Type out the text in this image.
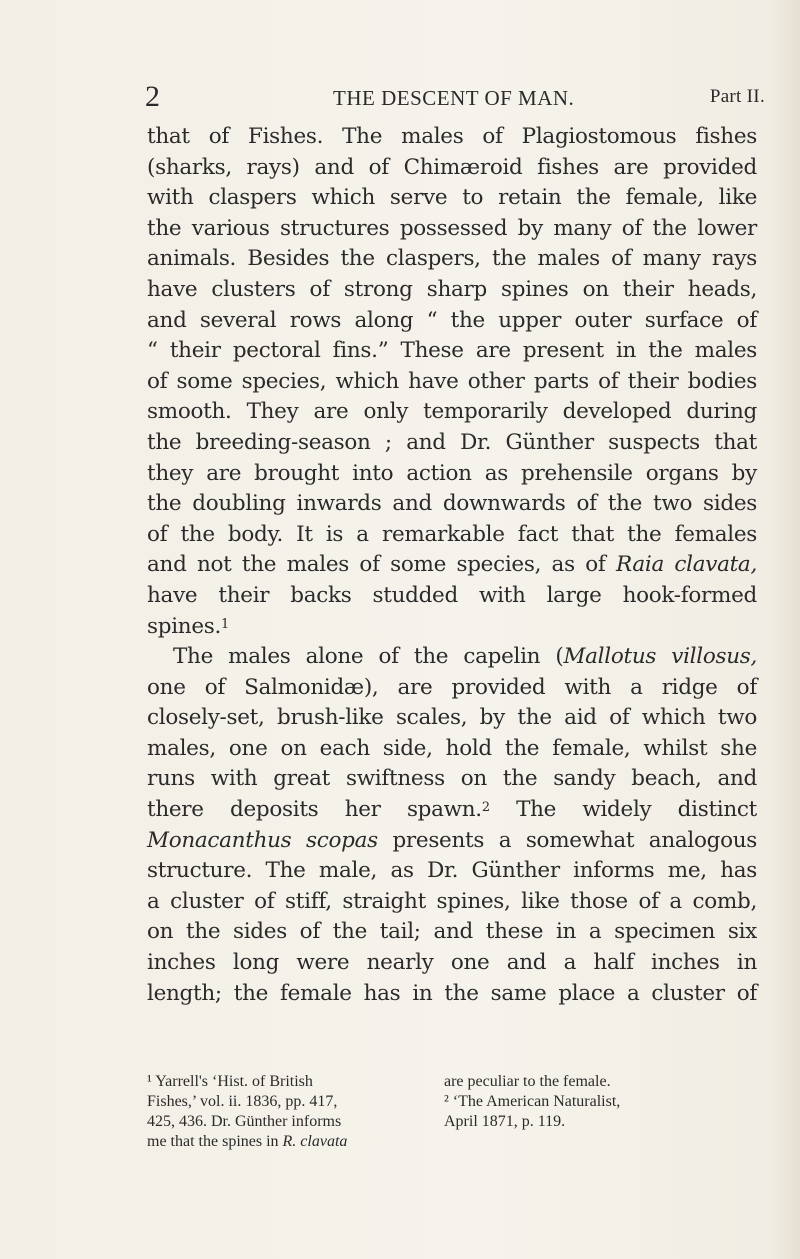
2	THE DESCENT OF MAN.	Part II.
that of Fishes. The males of Plagiostomous fishes
(sharks, rays) and of Chimæroid fishes are provided
with claspers which serve to retain the female, like
the various structures possessed by many of the lower
animals. Besides the claspers, the males of many rays
have clusters of strong sharp spines on their heads,
and several rows along “ the upper outer surface of
“ their pectoral fins.” These are present in the males
of some species, which have other parts of their bodies
smooth. They are only temporarily developed during
the breeding-season ; and Dr. Günther suspects that
they are brought into action as prehensile organs by
the doubling inwards and downwards of the two sides
of the body. It is a remarkable fact that the females
and not the males of some species, as of Raia clavata,
have their backs studded with large hook-formed
spines.$^1$
The males alone of the capelin (Mallotus villosus,
one of Salmonidæ), are provided with a ridge of
closely-set, brush-like scales, by the aid of which two
males, one on each side, hold the female, whilst she
runs with great swiftness on the sandy beach, and
there deposits her spawn.$^2$ The widely distinct
Monacanthus scopas presents a somewhat analogous
structure. The male, as Dr. Günther informs me, has
a cluster of stiff, straight spines, like those of a comb,
on the sides of the tail; and these in a specimen six
inches long were nearly one and a half inches in
length; the female has in the same place a cluster of
¹ Yarrell's ‘Hist. of British
Fishes,’ vol. ii. 1836, pp. 417,
425, 436. Dr. Günther informs
me that the spines in R. clavata
are peculiar to the female.
² ‘The American Naturalist,
April 1871, p. 119.
